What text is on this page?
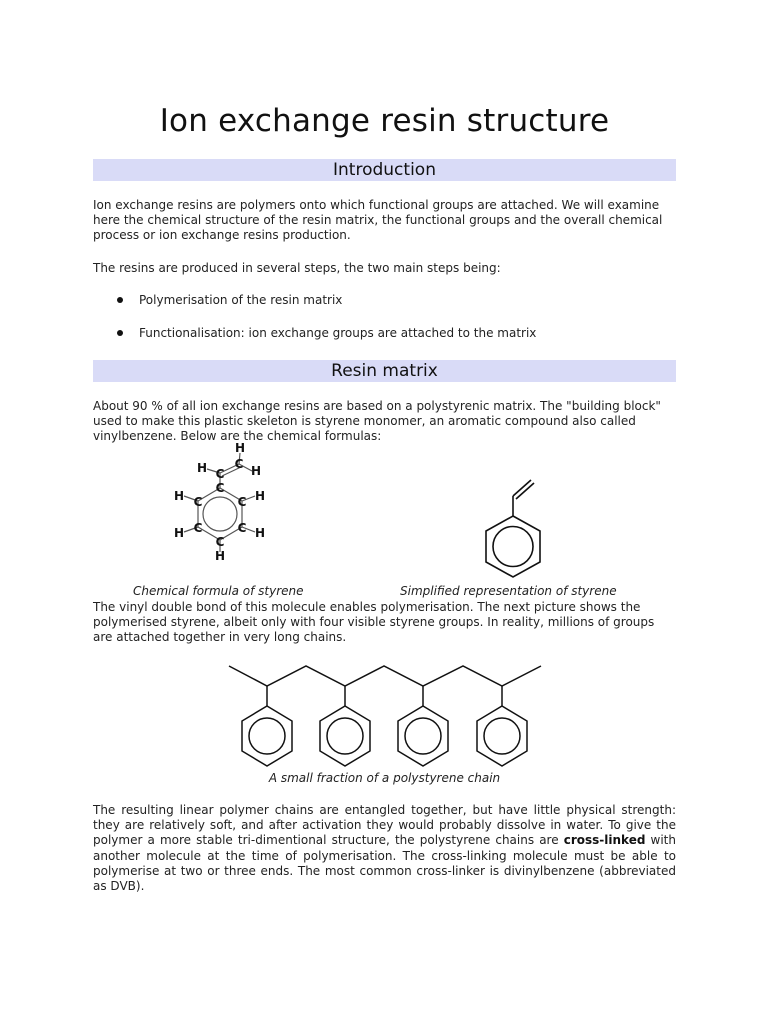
Ion exchange resin structure
Introduction

Ion exchange resins are polymers onto which functional groups are attached. We will examine here the chemical structure of the resin matrix, the functional groups and the overall chemical process or ion exchange resins production.

The resins are produced in several steps, the two main steps being:

Polymerisation of the resin matrix
Functionalisation: ion exchange groups are attached to the matrix
Resin matrix

About 90 % of all ion exchange resins are based on a polystyrenic matrix. The "building block" used to make this plastic skeleton is styrene monomer, an aromatic compound also called vinylbenzene. Below are the chemical formulas:

H
C H
H C
C
H C	C H
C	C
H	H
C
H
Chemical formula of styrene	Simplified representation of styrene

The vinyl double bond of this molecule enables polymerisation. The next picture shows the polymerised styrene, albeit only with four visible styrene groups. In reality, millions of groups are attached together in very long chains.

A small fraction of a polystyrene chain

The resulting linear polymer chains are entangled together, but have little physical strength: they are relatively soft, and after activation they would probably dissolve in water. To give the polymer a more stable tri-dimentional structure, the polystyrene chains are cross-linked with another molecule at the time of polymerisation. The cross-linking molecule must be able to polymerise at two or three ends. The most common cross-linker is divinylbenzene (abbreviated as DVB).
